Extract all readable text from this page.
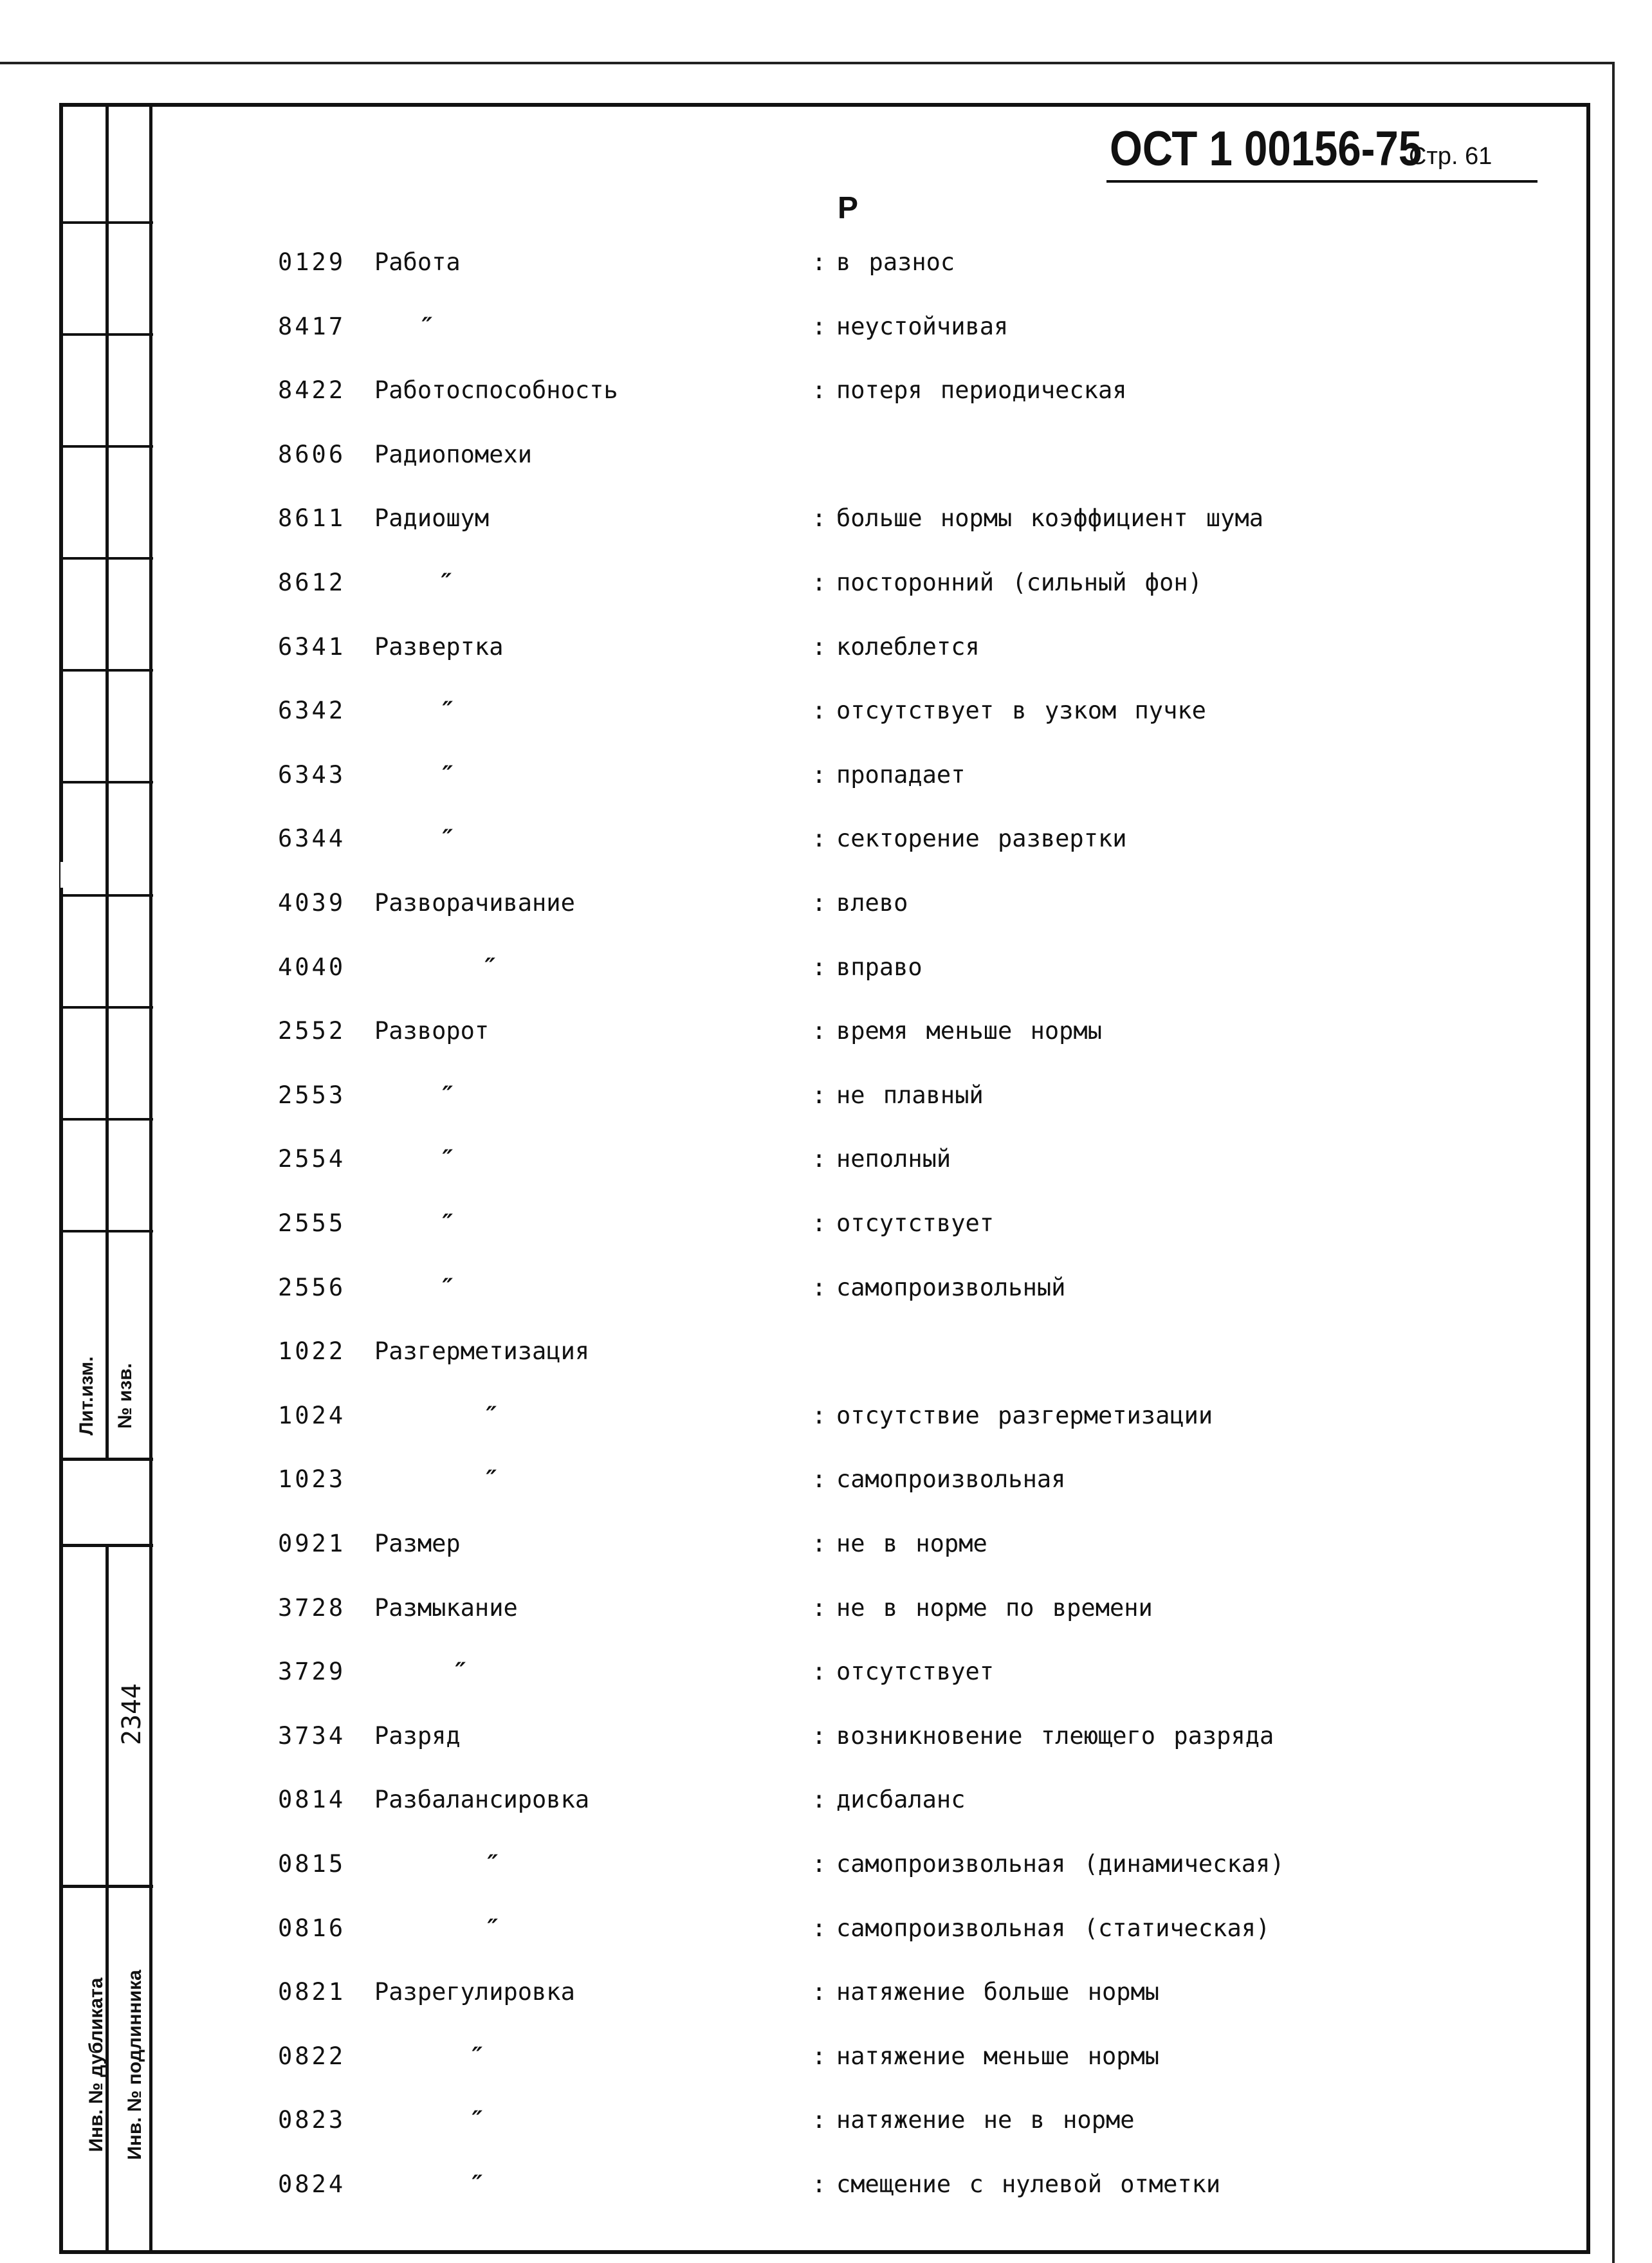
Лит.изм. № изв.
2344
Инв. № дубликата Инв. № подлинника
ОСТ 1 00156-75
Стр. 61
Р
0129 Работа	: в разнос
8417	″	: неустойчивая
8422 Работоспособность	: потеря периодическая
8606 Радиопомехи
8611 Радиошум	: больше нормы коэффициент шума
8612	″	: посторонний (сильный фон)
6341 Развертка	: колеблется
6342	″	: отсутствует в узком пучке
6343	″	: пропадает
6344	″	: секторение развертки
4039 Разворачивание	: влево
4040	″	: вправо
2552 Разворот	: время меньше нормы
2553	″	: не плавный
2554	″	: неполный
2555	″	: отсутствует
2556	″	: самопроизвольный
1022 Разгерметизация
1024	″	: отсутствие разгерметизации
1023	″	: самопроизвольная
0921 Размер	: не в норме
3728 Размыкание	: не в норме по времени
3729	″	: отсутствует
3734 Разряд	: возникновение тлеющего разряда
0814 Разбалансировка	: дисбаланс
0815	″	: самопроизвольная (динамическая)
0816	″	: самопроизвольная (статическая)
0821 Разрегулировка	: натяжение больше нормы
0822	″	: натяжение меньше нормы
0823	″	: натяжение не в норме
0824	″	: смещение с нулевой отметки
